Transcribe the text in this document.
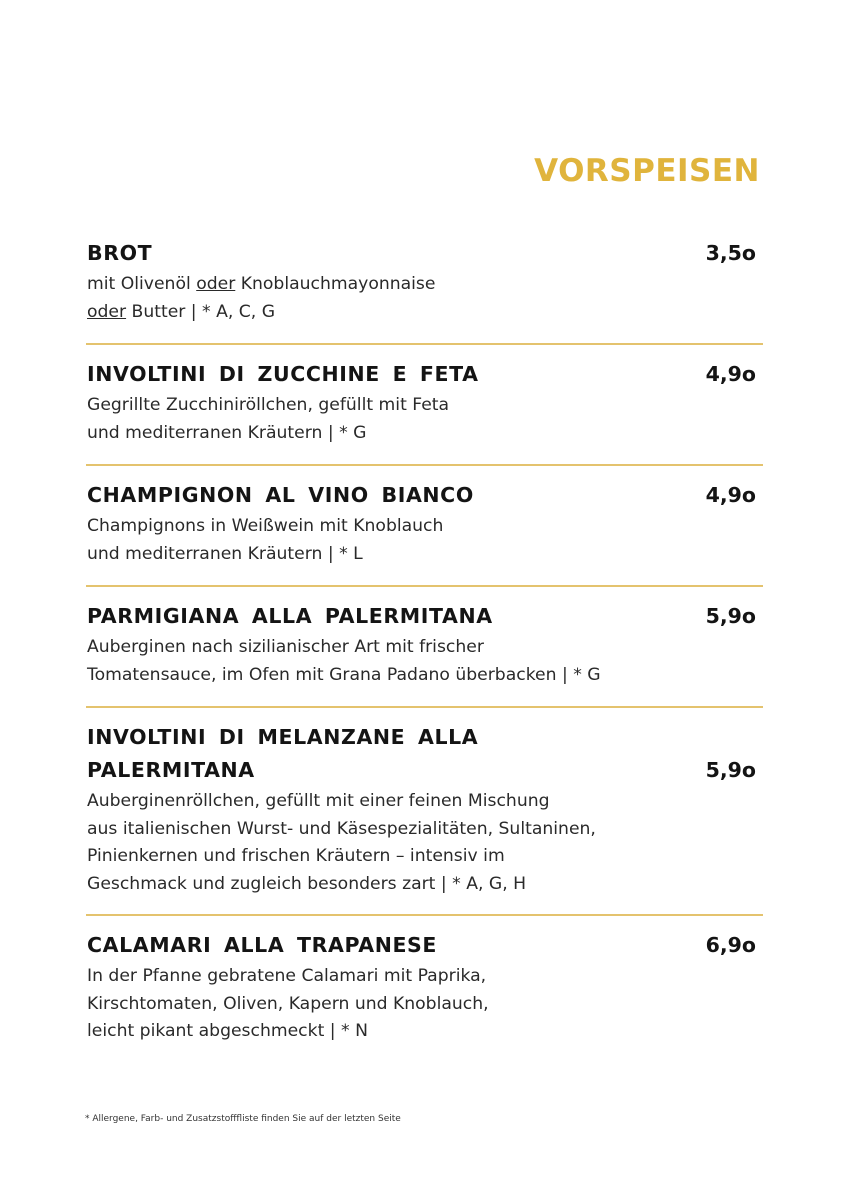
VORSPEISEN
BROT	3,5o

mit Olivenöl oder Knoblauchmayonnaise
oder Butter | * A, C, G

INVOLTINI DI ZUCCHINE E FETA	4,9o

Gegrillte Zucchiniröllchen, gefüllt mit Feta
und mediterranen Kräutern | * G

CHAMPIGNON AL VINO BIANCO	4,9o

Champignons in Weißwein mit Knoblauch
und mediterranen Kräutern | * L

PARMIGIANA ALLA PALERMITANA	5,9o

Auberginen nach sizilianischer Art mit frischer
Tomatensauce, im Ofen mit Grana Padano überbacken | * G

INVOLTINI DI MELANZANE ALLA PALERMITANA	5,9o

Auberginenröllchen, gefüllt mit einer feinen Mischung
aus italienischen Wurst- und Käsespezialitäten, Sultaninen,
Pinienkernen und frischen Kräutern – intensiv im
Geschmack und zugleich besonders zart | * A, G, H

CALAMARI ALLA TRAPANESE	6,9o

In der Pfanne gebratene Calamari mit Paprika,
Kirschtomaten, Oliven, Kapern und Knoblauch,
leicht pikant abgeschmeckt | * N

* Allergene, Farb- und Zusatzstofffliste finden Sie auf der letzten Seite
